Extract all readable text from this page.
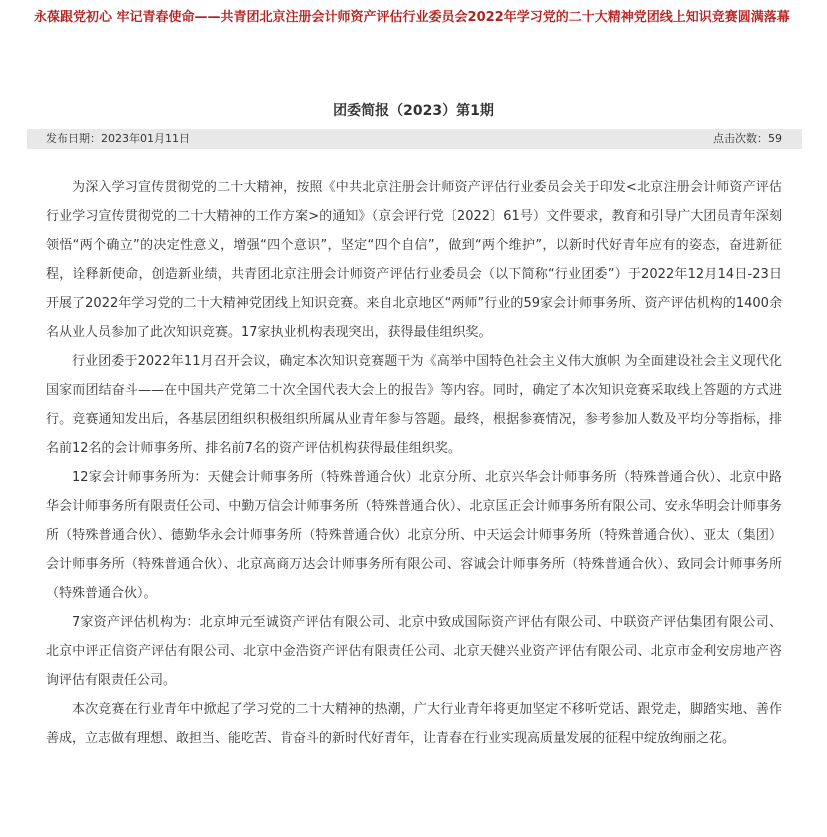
永葆跟党初心 牢记青春使命——共青团北京注册会计师资产评估行业委员会2022年学习党的二十大精神党团线上知识竞赛圆满落幕
团委简报（2023）第1期
发布日期：2023年01月11日	点击次数：59

为深入学习宣传贯彻党的二十大精神，按照《中共北京注册会计师资产评估行业委员会关于印发<北京注册会计师资产评估行业学习宣传贯彻党的二十大精神的工作方案>的通知》（京会评行党〔2022〕61号）文件要求，教育和引导广大团员青年深刻领悟“两个确立”的决定性意义，增强“四个意识”，坚定“四个自信”，做到“两个维护”，以新时代好青年应有的姿态，奋进新征程，诠释新使命，创造新业绩，共青团北京注册会计师资产评估行业委员会（以下简称“行业团委”）于2022年12月14日-23日开展了2022年学习党的二十大精神党团线上知识竞赛。来自北京地区“两师”行业的59家会计师事务所、资产评估机构的1400余名从业人员参加了此次知识竞赛。17家执业机构表现突出，获得最佳组织奖。

行业团委于2022年11月召开会议，确定本次知识竞赛题干为《高举中国特色社会主义伟大旗帜 为全面建设社会主义现代化国家而团结奋斗——在中国共产党第二十次全国代表大会上的报告》等内容。同时，确定了本次知识竞赛采取线上答题的方式进行。竞赛通知发出后，各基层团组织积极组织所属从业青年参与答题。最终，根据参赛情况，参考参加人数及平均分等指标，排名前12名的会计师事务所、排名前7名的资产评估机构获得最佳组织奖。

12家会计师事务所为：天健会计师事务所（特殊普通合伙）北京分所、北京兴华会计师事务所（特殊普通合伙）、北京中路华会计师事务所有限责任公司、中勤万信会计师事务所（特殊普通合伙）、北京匡正会计师事务所有限公司、安永华明会计师事务所（特殊普通合伙）、德勤华永会计师事务所（特殊普通合伙）北京分所、中天运会计师事务所（特殊普通合伙）、亚太（集团）会计师事务所（特殊普通合伙）、北京高商万达会计师事务所有限公司、容诚会计师事务所（特殊普通合伙）、致同会计师事务所（特殊普通合伙）。

7家资产评估机构为：北京坤元至诚资产评估有限公司、北京中致成国际资产评估有限公司、中联资产评估集团有限公司、北京中评正信资产评估有限公司、北京中金浩资产评估有限责任公司、北京天健兴业资产评估有限公司、北京市金利安房地产咨询评估有限责任公司。

本次竞赛在行业青年中掀起了学习党的二十大精神的热潮，广大行业青年将更加坚定不移听党话、跟党走，脚踏实地、善作善成，立志做有理想、敢担当、能吃苦、肯奋斗的新时代好青年，让青春在行业实现高质量发展的征程中绽放绚丽之花。
